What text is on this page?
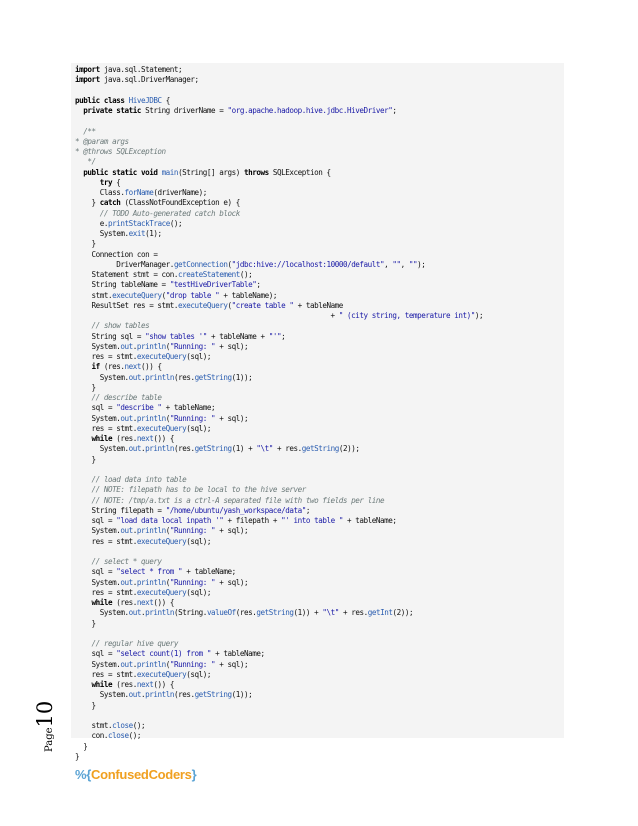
import java.sql.Statement;
import java.sql.DriverManager;
public class HiveJDBC {
private static String driverName = "org.apache.hadoop.hive.jdbc.HiveDriver";
/**
* @param args
* @throws SQLException
*/
public static void main(String[] args) throws SQLException {
try {
Class.forName(driverName);
} catch (ClassNotFoundException e) {
// TODO Auto-generated catch block
e.printStackTrace();
System.exit(1);
}
Connection con =
DriverManager.getConnection("jdbc:hive://localhost:10000/default", "", "");
Statement stmt = con.createStatement();
String tableName = "testHiveDriverTable";
stmt.executeQuery("drop table " + tableName);
ResultSet res = stmt.executeQuery("create table " + tableName
+ " (city string, temperature int)");
// show tables
String sql = "show tables '" + tableName + "'";
System.out.println("Running: " + sql);
res = stmt.executeQuery(sql);
if (res.next()) {
System.out.println(res.getString(1));
}
// describe table
sql = "describe " + tableName;
System.out.println("Running: " + sql);
res = stmt.executeQuery(sql);
while (res.next()) {
System.out.println(res.getString(1) + "\t" + res.getString(2));
}
// load data into table
// NOTE: filepath has to be local to the hive server
// NOTE: /tmp/a.txt is a ctrl-A separated file with two fields per line
String filepath = "/home/ubuntu/yash_workspace/data";
sql = "load data local inpath '" + filepath + "' into table " + tableName;
System.out.println("Running: " + sql);
res = stmt.executeQuery(sql);
// select * query
sql = "select * from " + tableName;
System.out.println("Running: " + sql);
res = stmt.executeQuery(sql);
while (res.next()) {
System.out.println(String.valueOf(res.getString(1)) + "\t" + res.getInt(2));
}
// regular hive query
sql = "select count(1) from " + tableName;
System.out.println("Running: " + sql);
res = stmt.executeQuery(sql);
while (res.next()) {
System.out.println(res.getString(1));
}
stmt.close();
con.close();
}
}
Page10
%{ConfusedCoders}
